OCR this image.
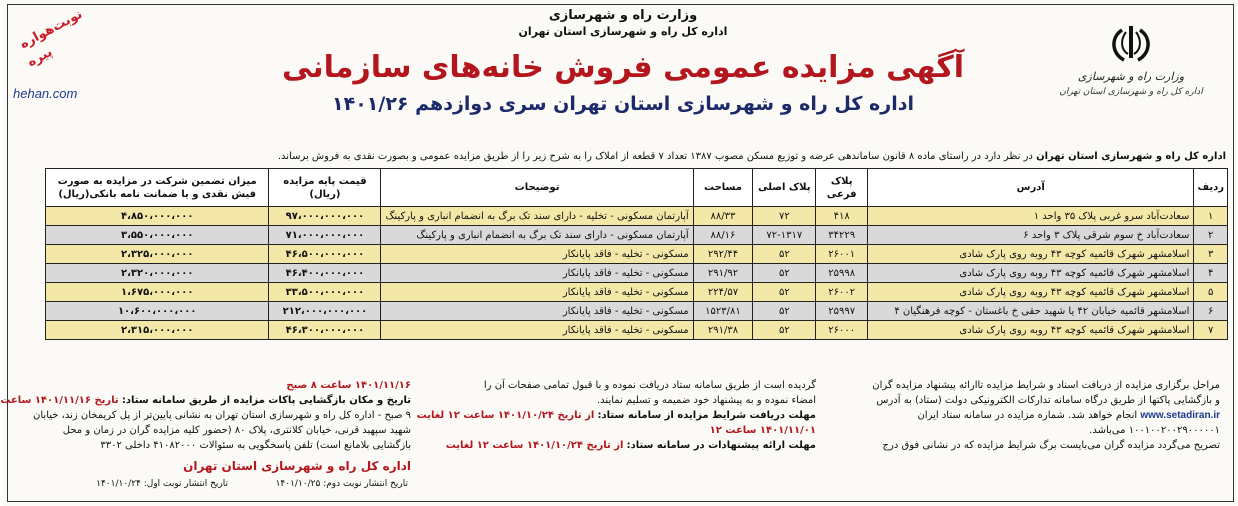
نوبت‌هواره
پیره
hehan.com
وزارت راه و شهرسازی
اداره کل راه و شهرسازی استان تهران
وزارت راه و شهرسازی
اداره کل راه و شهرسازی استان تهران
آگهی مزایده عمومی فروش خانه‌های سازمانی
اداره کل راه و شهرسازی استان تهران سری دوازدهم ۱۴۰۱/۲۶
اداره کل راه و شهرسازی استان تهران در نظر دارد در راستای ماده ۸ قانون ساماندهی عرضه و توزیع مسکن مصوب ۱۳۸۷ تعداد ۷ قطعه از املاک را به شرح زیر را از طریق مزایده عمومی و بصورت نقدی به فروش برساند.
ردیف	آدرس	پلاک فرعی	پلاک اصلی	مساحت	توضیحات	قیمت پایه مزایده (ریال)	میزان تضمین شرکت در مزایده به صورت فیش نقدی و یا ضمانت نامه بانکی(ریال)
۱	سعادت‌آباد سرو غربی پلاک ۳۵ واحد ۱	۴۱۸	۷۲	۸۸/۳۳	آپارتمان مسکونی - تخلیه - دارای سند تک برگ به انضمام انباری و پارکینگ	۹۷،۰۰۰،۰۰۰،۰۰۰	۴،۸۵۰،۰۰۰،۰۰۰
۲	سعادت‌آباد خ سوم شرقی پلاک ۳ واحد ۶	۳۴۲۲۹	۷۲-۱۳۱۷	۸۸/۱۶	آپارتمان مسکونی - دارای سند تک برگ به انضمام انباری و پارکینگ	۷۱،۰۰۰،۰۰۰،۰۰۰	۳،۵۵۰،۰۰۰،۰۰۰
۳	اسلامشهر شهرک قائمیه کوچه ۴۳ روبه روی پارک شادی	۲۶۰۰۱	۵۲	۲۹۲/۴۴	مسکونی - تخلیه - فاقد پایانکار	۴۶،۵۰۰،۰۰۰،۰۰۰	۲،۳۲۵،۰۰۰،۰۰۰
۴	اسلامشهر شهرک قائمیه کوچه ۴۳ روبه روی پارک شادی	۲۵۹۹۸	۵۲	۲۹۱/۹۲	مسکونی - تخلیه - فاقد پایانکار	۴۶،۴۰۰،۰۰۰،۰۰۰	۲،۳۲۰،۰۰۰،۰۰۰
۵	اسلامشهر شهرک قائمیه کوچه ۴۳ روبه روی پارک شادی	۲۶۰۰۲	۵۲	۲۲۴/۵۷	مسکونی - تخلیه - فاقد پایانکار	۳۳،۵۰۰،۰۰۰،۰۰۰	۱،۶۷۵،۰۰۰،۰۰۰
۶	اسلامشهر قائمیه خیابان ۴۲ یا شهید حقی خ باغستان - کوچه فرهنگیان ۴	۲۵۹۹۷	۵۲	۱۵۲۳/۸۱	مسکونی - تخلیه - فاقد پایانکار	۲۱۲،۰۰۰،۰۰۰،۰۰۰	۱۰،۶۰۰،۰۰۰،۰۰۰
۷	اسلامشهر شهرک قائمیه کوچه ۴۳ روبه روی پارک شادی	۲۶۰۰۰	۵۲	۲۹۱/۳۸	مسکونی - تخلیه - فاقد پایانکار	۴۶،۳۰۰،۰۰۰،۰۰۰	۲،۳۱۵،۰۰۰،۰۰۰
مراحل برگزاری مزایده از دریافت اسناد و شرایط مزایده تاارائه پیشنهاد مزایده گران
و بازگشایی پاکتها از طریق درگاه سامانه تدارکات الکترونیکی دولت (ستاد) به آدرس
www.setadiran.ir انجام خواهد شد. شماره مزایده در سامانه ستاد ایران
۱۰۰۱۰۰۲۰۰۲۹۰۰۰۰۰۱ می‌باشد.
تصریح می‌گردد مزایده گران می‌بایست برگ شرایط مزایده که در نشانی فوق درج
گردیده است از طریق سامانه ستاد دریافت نموده و با قبول تمامی صفحات آن را
امضاء نموده و به پیشنهاد خود ضمیمه و تسلیم نمایند.
مهلت دریافت شرایط مزایده از سامانه ستاد: از تاریخ ۱۴۰۱/۱۰/۲۴ ساعت ۱۲ لغایت
۱۴۰۱/۱۱/۰۱ ساعت ۱۲
مهلت ارائه پیشنهادات در سامانه ستاد: از تاریخ ۱۴۰۱/۱۰/۲۴ ساعت ۱۲ لغایت
۱۴۰۱/۱۱/۱۶ ساعت ۸ صبح
تاریخ و مکان بازگشایی پاکات مزایده از طریق سامانه ستاد: تاریخ ۱۴۰۱/۱۱/۱۶ ساعت
۹ صبح - اداره کل راه و شهرسازی استان تهران به نشانی پایین‌تر از پل کریمخان زند، خیابان
شهید سپهبد قرنی، خیابان کلانتری، پلاک ۸۰ (حضور کلیه مزایده گران در زمان و محل
بازگشایی بلامانع است) تلفن پاسخگویی به سئوالات ۴۱۰۸۲۰۰۰ داخلی ۳۳۰۲
اداره کل راه و شهرسازی استان تهران
تاریخ انتشار نوبت اول: ۱۴۰۱/۱۰/۲۴	تاریخ انتشار نوبت دوم: ۱۴۰۱/۱۰/۲۵
